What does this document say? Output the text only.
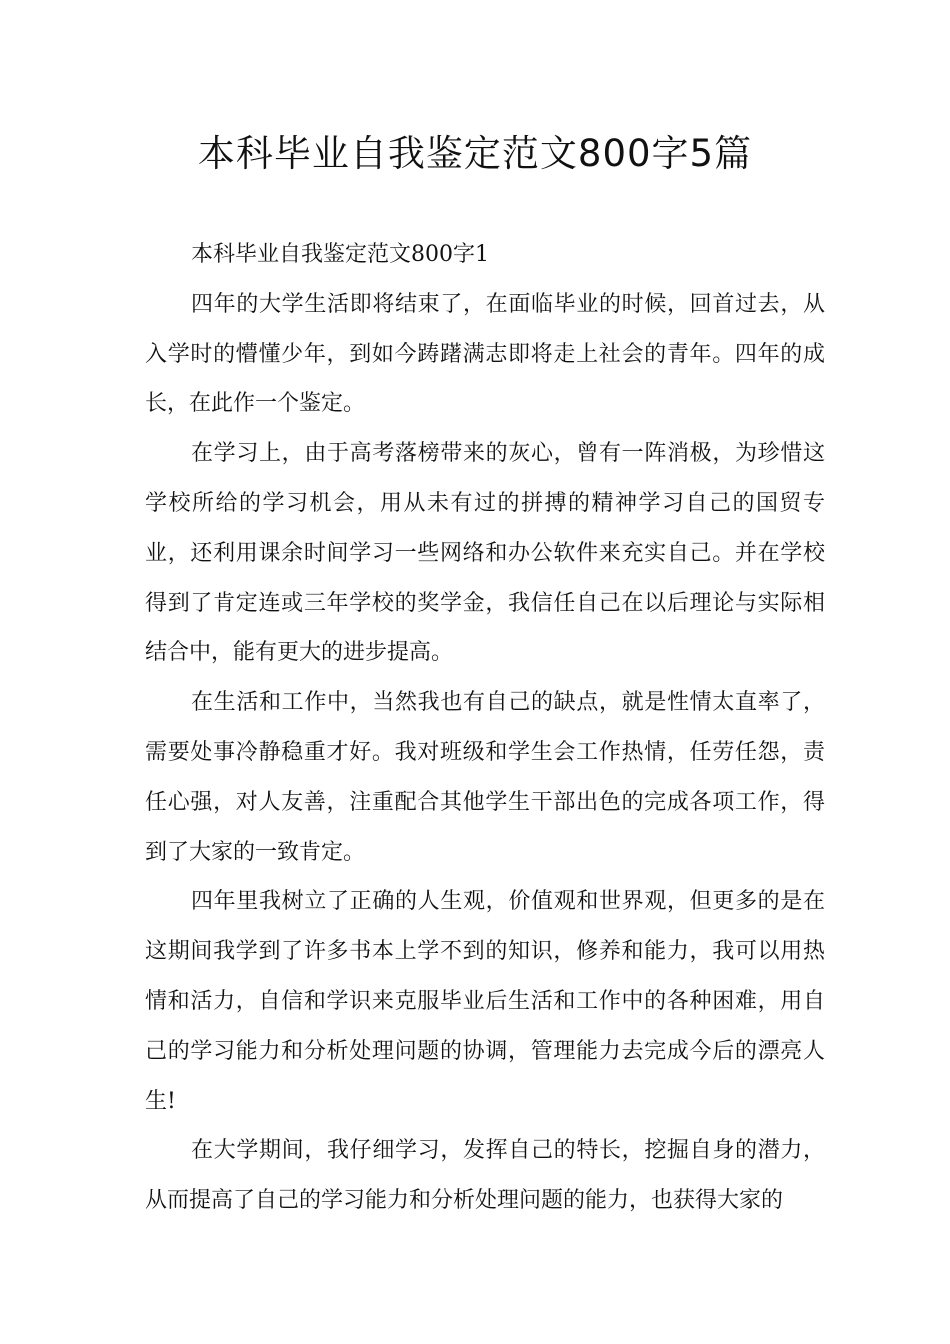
本科毕业自我鉴定范文800字5篇

本科毕业自我鉴定范文800字1

四年的大学生活即将结束了，在面临毕业的时候，回首过去，从入学时的懵懂少年，到如今踌躇满志即将走上社会的青年。四年的成长，在此作一个鉴定。

在学习上，由于高考落榜带来的灰心，曾有一阵消极，为珍惜这学校所给的学习机会，用从未有过的拼搏的精神学习自己的国贸专业，还利用课余时间学习一些网络和办公软件来充实自己。并在学校得到了肯定连或三年学校的奖学金，我信任自己在以后理论与实际相结合中，能有更大的进步提高。

在生活和工作中，当然我也有自己的缺点，就是性情太直率了，需要处事冷静稳重才好。我对班级和学生会工作热情，任劳任怨，责任心强，对人友善，注重配合其他学生干部出色的完成各项工作，得到了大家的一致肯定。

四年里我树立了正确的人生观，价值观和世界观，但更多的是在这期间我学到了许多书本上学不到的知识，修养和能力，我可以用热情和活力，自信和学识来克服毕业后生活和工作中的各种困难，用自己的学习能力和分析处理问题的协调，管理能力去完成今后的漂亮人生!

在大学期间，我仔细学习，发挥自己的特长，挖掘自身的潜力，从而提高了自己的学习能力和分析处理问题的能力，也获得大家的
